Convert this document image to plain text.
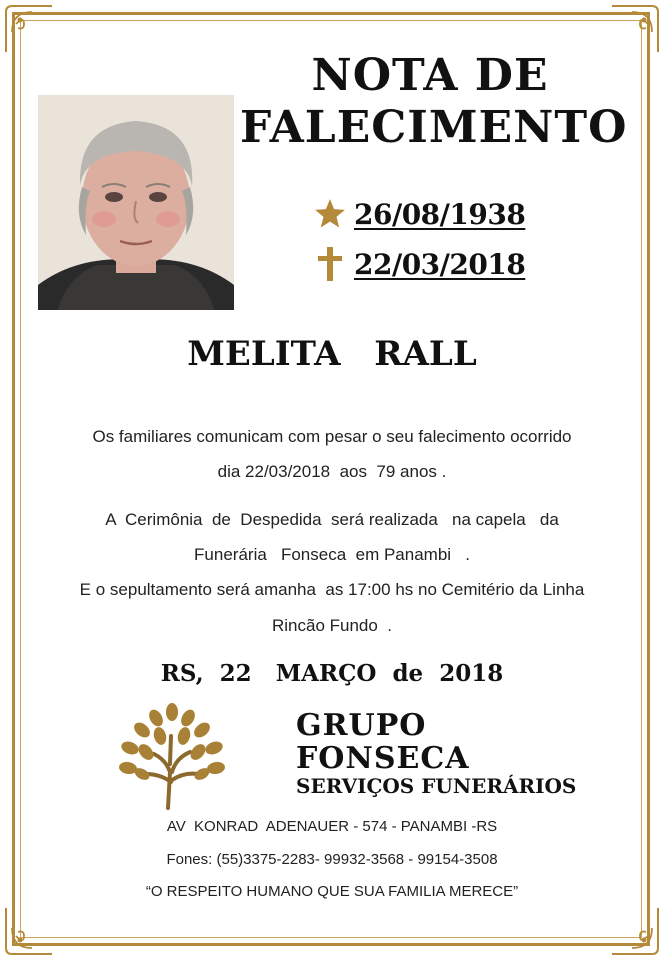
NOTA DE
FALECIMENTO
26/08/1938
22/03/2018
MELITA RALL
Os familiares comunicam com pesar o seu falecimento ocorrido
dia 22/03/2018  aos  79 anos .
A  Cerimônia  de  Despedida  será realizada   na capela   da
Funerária   Fonseca  em Panambi   .
E o sepultamento será amanha  as 17:00 hs no Cemitério da Linha
Rincão Fundo  .
RS,  22   MARÇO  de  2018
GRUPO
FONSECA
SERVIÇOS FUNERÁRIOS
AV  KONRAD  ADENAUER - 574 - PANAMBI -RS
Fones: (55)3375-2283- 99932-3568 - 99154-3508
“O RESPEITO HUMANO QUE SUA FAMILIA MERECE”
